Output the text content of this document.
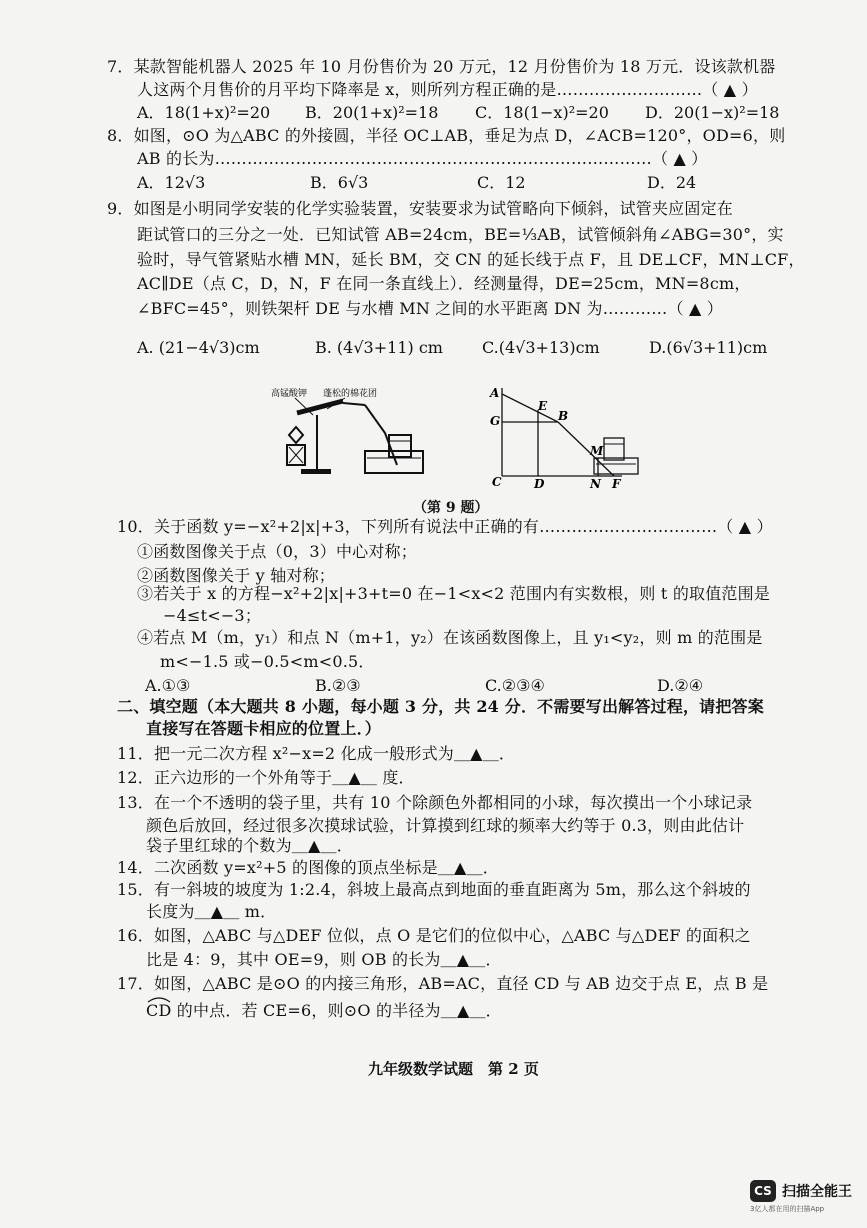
7．某款智能机器人 2025 年 10 月份售价为 20 万元，12 月份售价为 18 万元．设该款机器
人这两个月售价的月平均下降率是 x，则所列方程正确的是………………………（ ▲ ）
A．18(1+x)²=20 B．20(1+x)²=18 C．18(1−x)²=20 D．20(1−x)²=18
8．如图，⊙O 为△ABC 的外接圆，半径 OC⊥AB，垂足为点 D，∠ACB=120°，OD=6，则
AB 的长为………………………………………………………………………（ ▲ ）
A．12√3	B．6√3	C．12	D．24
9．如图是小明同学安装的化学实验装置，安装要求为试管略向下倾斜，试管夹应固定在
距试管口的三分之一处．已知试管 AB=24cm，BE=⅓AB，试管倾斜角∠ABG=30°，实
验时，导气管紧贴水槽 MN，延长 BM，交 CN 的延长线于点 F，且 DE⊥CF，MN⊥CF，
AC∥DE（点 C，D，N，F 在同一条直线上）．经测量得，DE=25cm，MN=8cm，
∠BFC=45°，则铁架杆 DE 与水槽 MN 之间的水平距离 DN 为…………（ ▲ ）
A. (21−4√3)cm	B. (4√3+11) cm C.(4√3+13)cm	D.(6√3+11)cm
高锰酸钾 蓬松的棉花团	A
E
B
G
M
C	D	N F
（第 9 题）
10．关于函数 y=−x²+2|x|+3，下列所有说法中正确的有……………………………（ ▲ ）
①函数图像关于点（0，3）中心对称；
②函数图像关于 y 轴对称；
③若关于 x 的方程−x²+2|x|+3+t=0 在−1<x<2 范围内有实数根，则 t 的取值范围是
−4≤t<−3；
④若点 M（m，y₁）和点 N（m+1，y₂）在该函数图像上，且 y₁<y₂，则 m 的范围是
m<−1.5 或−0.5<m<0.5．
A.①③	B.②③	C.②③④	D.②④
二、填空题（本大题共 8 小题，每小题 3 分，共 24 分．不需要写出解答过程，请把答案
直接写在答题卡相应的位置上．）
11．把一元二次方程 x²−x=2 化成一般形式为＿▲＿．
12．正六边形的一个外角等于＿▲＿ 度．
13．在一个不透明的袋子里，共有 10 个除颜色外都相同的小球，每次摸出一个小球记录
颜色后放回，经过很多次摸球试验，计算摸到红球的频率大约等于 0.3，则由此估计
袋子里红球的个数为＿▲＿．
14．二次函数 y=x²+5 的图像的顶点坐标是＿▲＿．
15．有一斜坡的坡度为 1:2.4，斜坡上最高点到地面的垂直距离为 5m，那么这个斜坡的
长度为＿▲＿ m．
16．如图，△ABC 与△DEF 位似，点 O 是它们的位似中心，△ABC 与△DEF 的面积之
比是 4：9，其中 OE=9，则 OB 的长为＿▲＿．
17．如图，△ABC 是⊙O 的内接三角形，AB=AC，直径 CD 与 AB 边交于点 E，点 B 是
CD 的中点．若 CE=6，则⊙O 的半径为＿▲＿．
九年级数学试题　第 2 页
CS 扫描全能王
3亿人都在用的扫描App
